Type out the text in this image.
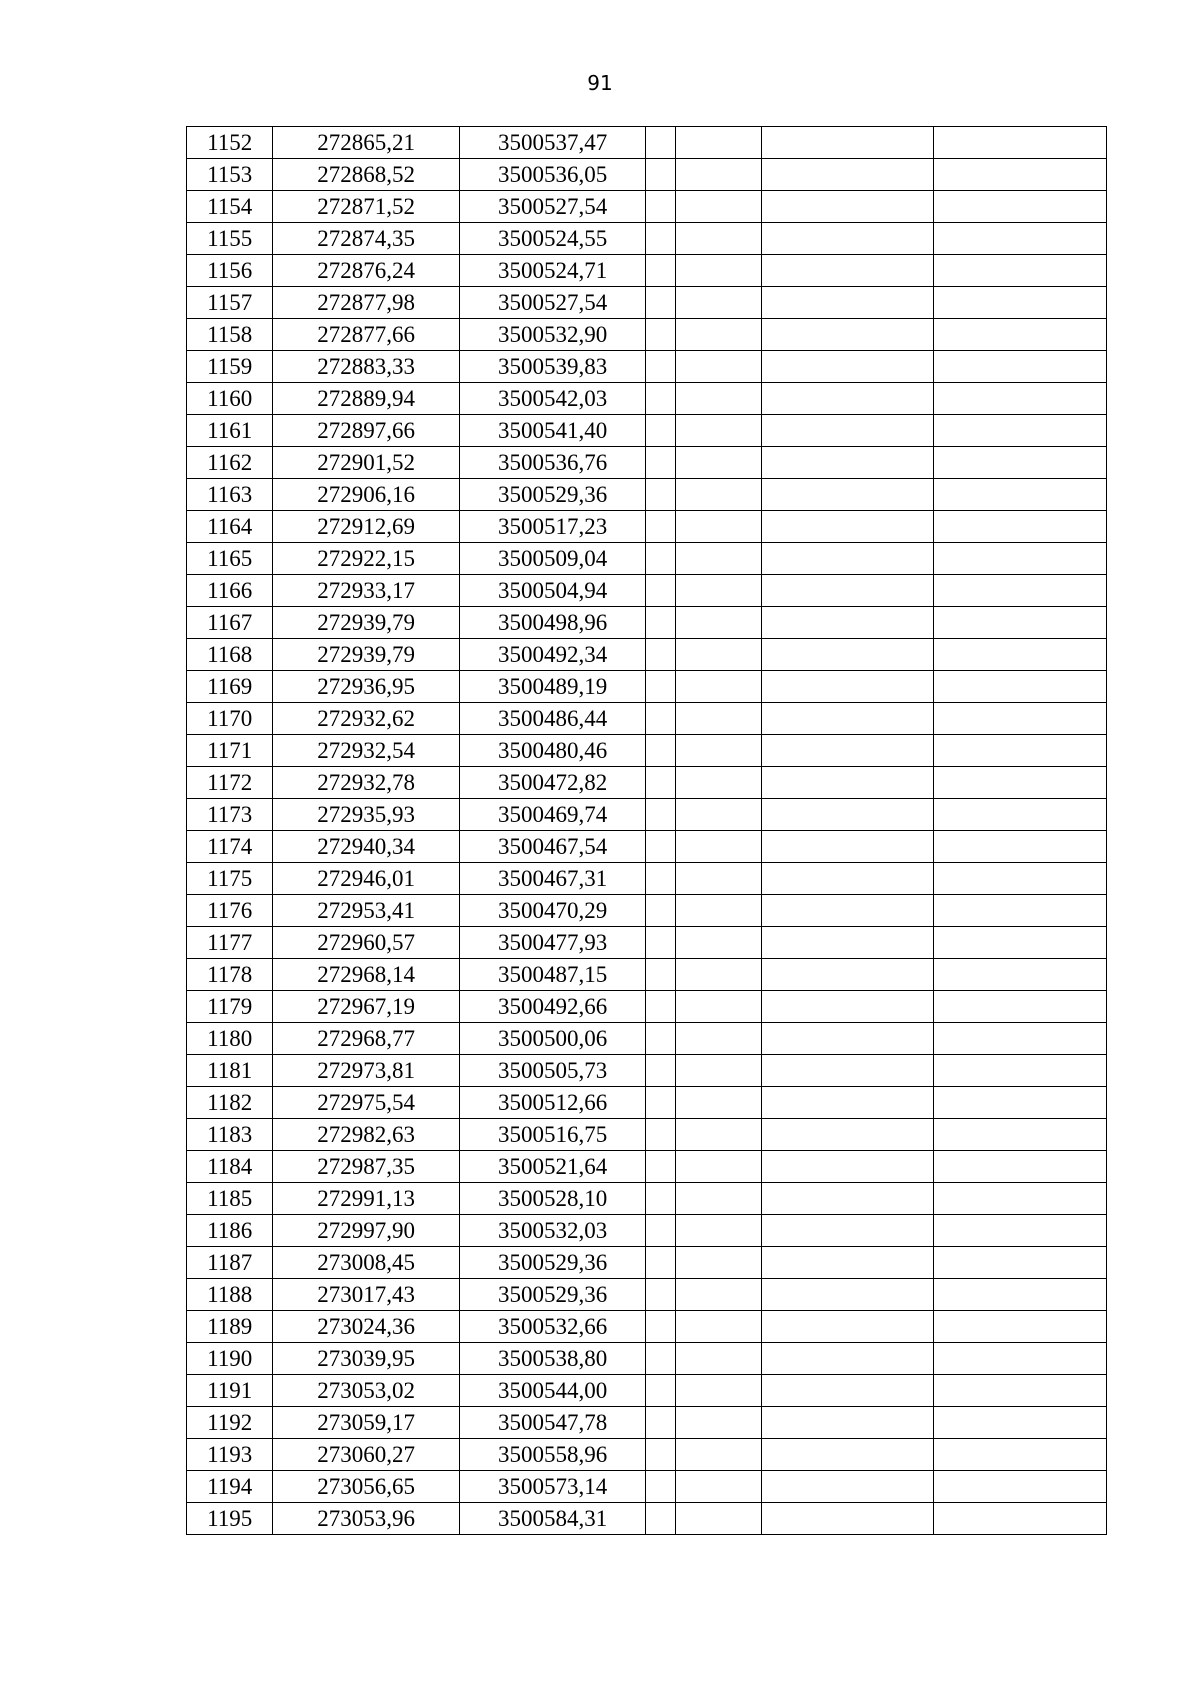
91
1152	272865,21	3500537,47				
1153	272868,52	3500536,05				
1154	272871,52	3500527,54				
1155	272874,35	3500524,55				
1156	272876,24	3500524,71				
1157	272877,98	3500527,54				
1158	272877,66	3500532,90				
1159	272883,33	3500539,83				
1160	272889,94	3500542,03				
1161	272897,66	3500541,40				
1162	272901,52	3500536,76				
1163	272906,16	3500529,36				
1164	272912,69	3500517,23				
1165	272922,15	3500509,04				
1166	272933,17	3500504,94				
1167	272939,79	3500498,96				
1168	272939,79	3500492,34				
1169	272936,95	3500489,19				
1170	272932,62	3500486,44				
1171	272932,54	3500480,46				
1172	272932,78	3500472,82				
1173	272935,93	3500469,74				
1174	272940,34	3500467,54				
1175	272946,01	3500467,31				
1176	272953,41	3500470,29				
1177	272960,57	3500477,93				
1178	272968,14	3500487,15				
1179	272967,19	3500492,66				
1180	272968,77	3500500,06				
1181	272973,81	3500505,73				
1182	272975,54	3500512,66				
1183	272982,63	3500516,75				
1184	272987,35	3500521,64				
1185	272991,13	3500528,10				
1186	272997,90	3500532,03				
1187	273008,45	3500529,36				
1188	273017,43	3500529,36				
1189	273024,36	3500532,66				
1190	273039,95	3500538,80				
1191	273053,02	3500544,00				
1192	273059,17	3500547,78				
1193	273060,27	3500558,96				
1194	273056,65	3500573,14				
1195	273053,96	3500584,31				
